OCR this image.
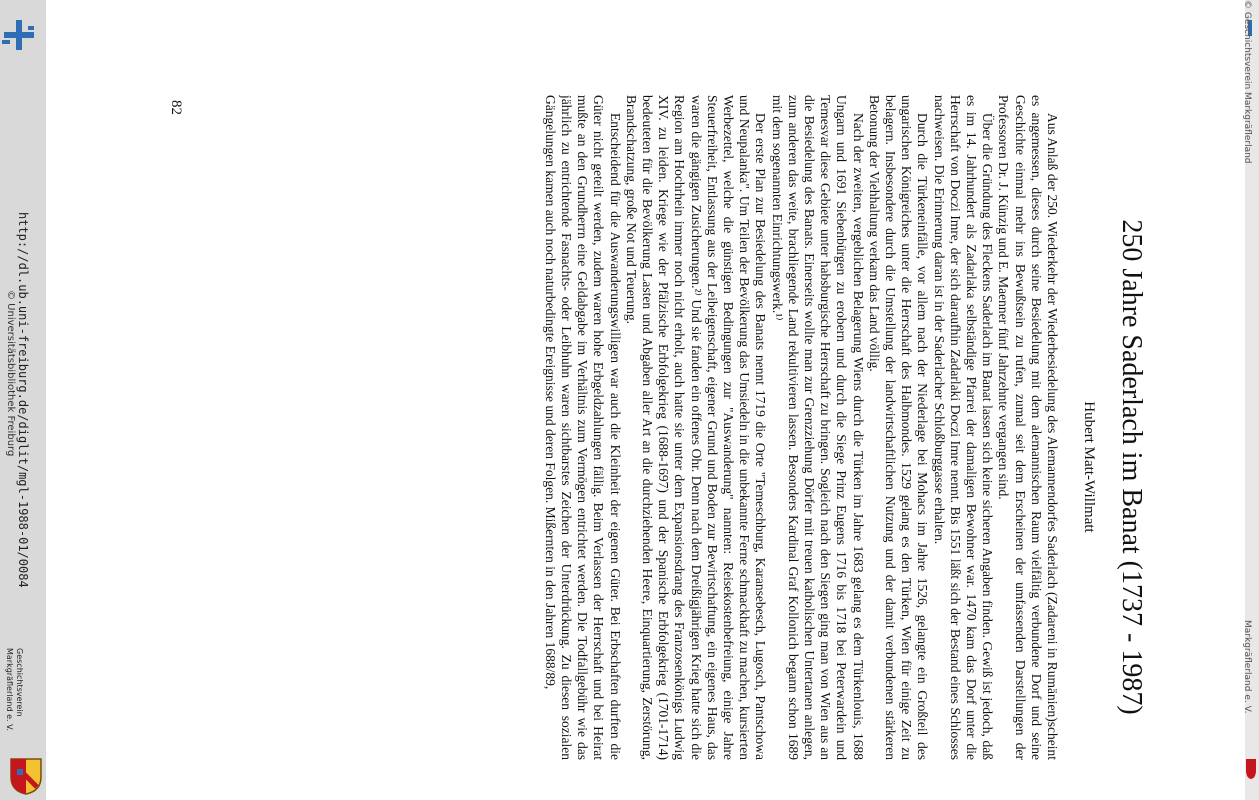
http://dl.ub.uni-freiburg.de/diglit/mgl-1988-01/0084
© Universitätsbibliothek Freiburg
Geschichtsverein
Markgräflerland e. V.
© Geschichtsverein Markgräflerland
Markgräflerland e. V.
250 Jahre Saderlach im Banat (1737 - 1987)
Hubert Matt-Willmatt

Aus Anlaß der 250. Wiederkehr der Wiederbesiedelung des Alemannendorfes Saderlach (Zadareni in Rumänien)scheint es angemessen, dieses durch seine Besiedelung mit dem alemannischen Raum vielfältig verbundene Dorf und seine Geschichte einmal mehr ins Bewußtsein zu rufen, zumal seit dem Erscheinen der umfassenden Darstellungen der Professoren Dr. J. Künzig und E. Maenner fünf Jahrzehnte vergangen sind.

Über die Gründung des Fleckens Saderlach im Banat lassen sich keine sicheren Angaben finden. Gewiß ist jedoch, daß es im 14. Jahrhundert als Zadarlaka selbständige Pfarrei der damaligen Bewohner war. 1470 kam das Dorf unter die Herrschaft von Doczi Imre, der sich daraufhin Zadarlaki Doczi Imre nennt. Bis 1551 läßt sich der Bestand eines Schlosses nachweisen. Die Erinnerung daran ist in der Saderlacher Schloßburggasse erhalten.

Durch die Türkeneinfälle, vor allem nach der Niederlage bei Mohacs im Jahre 1526, gelangte ein Großteil des ungarischen Königreiches unter die Herrschaft des Halbmondes. 1529 gelang es den Türken, Wien für einige Zeit zu belagern. Insbesondere durch die Umstellung der landwirtschaftlichen Nutzung und der damit verbundenen stärkeren Betonung der Viehhaltung verkam das Land völlig.

Nach der zweiten, vergeblichen Belagerung Wiens durch die Türken im Jahre 1683 gelang es dem Türkenlouis, 1688 Ungarn und 1691 Siebenbürgen zu erobern und durch die Siege Prinz Eugens 1716 bis 1718 bei Peterwardein und Temesvar diese Gebiete unter habsburgische Herrschaft zu bringen. Sogleich nach den Siegen ging man von Wien aus an die Besiedelung des Banats. Einerseits wollte man zur Grenzziehung Dörfer mit treuen katholischen Untertanen anlegen, zum anderen das weite, brachliegende Land rekultivieren lassen. Besonders Kardinal Graf Kollonich begann schon 1689 mit dem sogenannten Einrichtungswerk.¹⁾

Der erste Plan zur Besiedelung des Banats nennt 1719 die Orte "Temeschburg, Karansebesch, Lugosch, Pantschowa und Neupalanka". Um Teilen der Bevölkerung das Umsiedeln in die unbekannte Ferne schmackhaft zu machen, kursierten Werbezettel, welche die günstigen Bedingungen zur "Auswanderung" nannten: Reisekostenbefreiung, einige Jahre Steuerfreiheit, Entlassung aus der Leibeigenschaft, eigener Grund und Boden zur Bewirtschaftung, ein eigenes Haus, das waren die gängigen Zusicherungen.²⁾ Und sie fanden ein offenes Ohr. Denn nach dem Dreißigjährigen Krieg hatte sich die Region am Hochrhein immer noch nicht erholt, auch hatte sie unter dem Expansionsdrang des Franzosenkönigs Ludwig XIV. zu leiden. Kriege wie der Pfälzische Erbfolgekrieg (1688-1697) und der Spanische Erbfolgekrieg (1701-1714) bedeuteten für die Bevölkerung Lasten und Abgaben aller Art an die durchziehenden Heere, Einquartierung, Zerstörung, Brandschatzung, große Not und Teuerung.

Entscheidend für die Auswanderungswilligen war auch die Kleinheit der eigenen Güter. Bei Erbschaften durften die Güter nicht geteilt werden, zudem waren hohe Erbgeldzahlungen fällig. Beim Verlassen der Herrschaft und bei Heirat mußte an den Grundherrn eine Geldabgabe im Verhältnis zum Vermögen entrichtet werden. Die Todfallgebühr wie das jährlich zu entrichtende Fasnachts- oder Leibhuhn waren sichtbarstes Zeichen der Unterdrückung. Zu diesen sozialen Gängelungen kamen auch noch naturbedingte Ereignisse und deren Folgen. Mißernten in den Jahren 1688/89,

82
